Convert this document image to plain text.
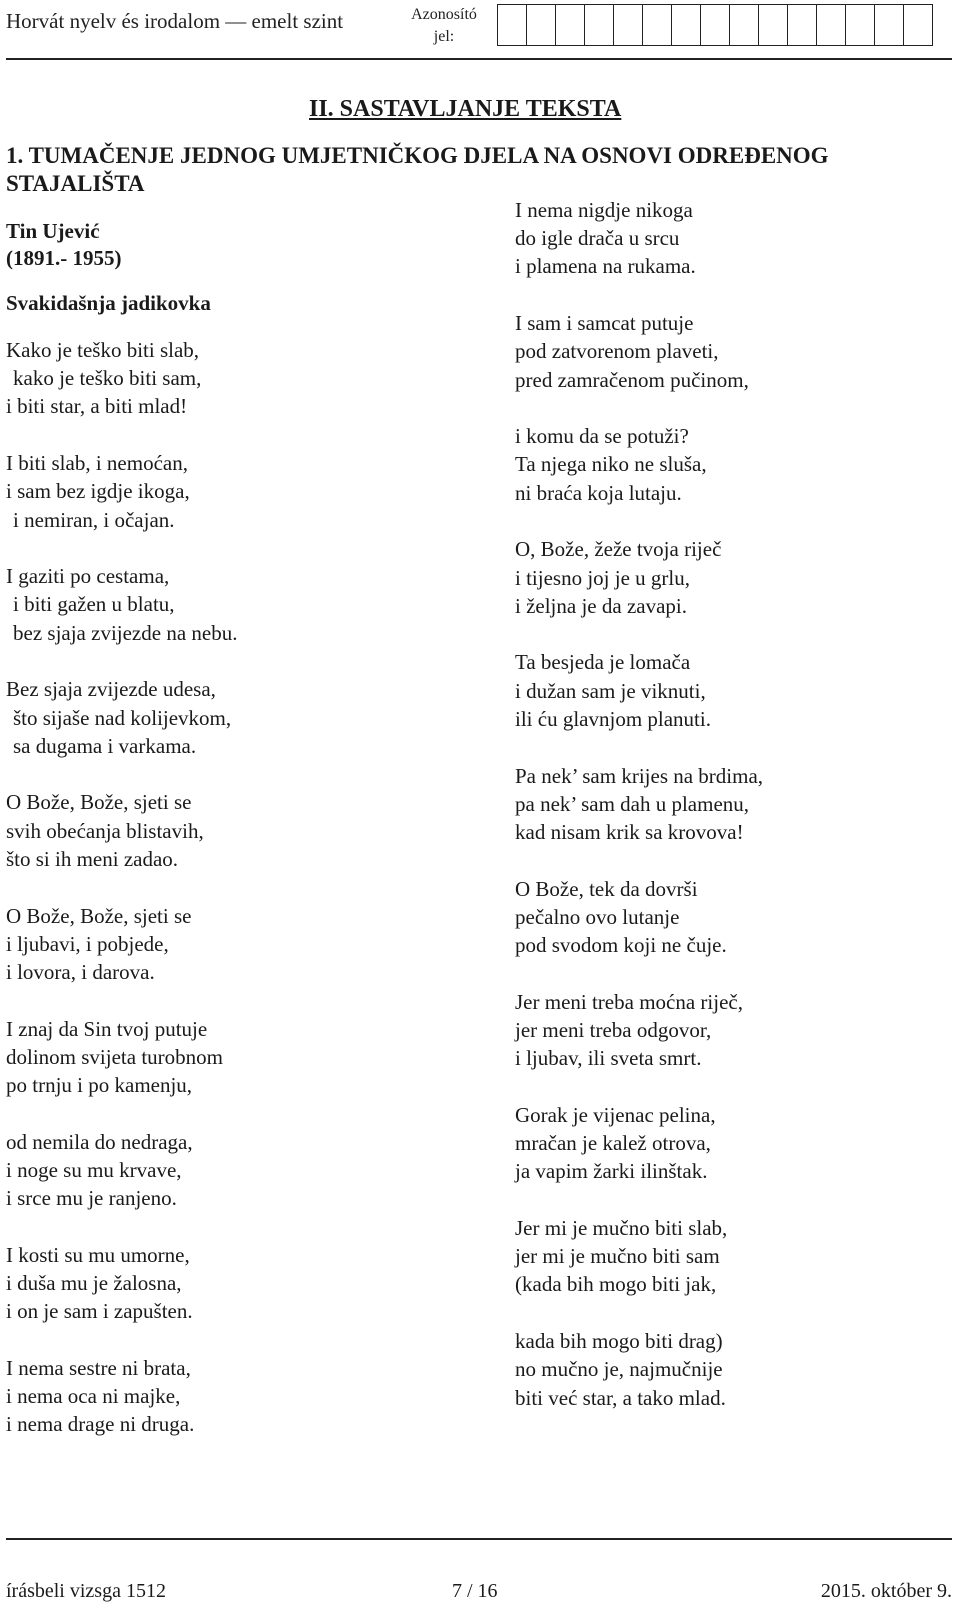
Horvát nyelv és irodalom — emelt szint	Azonosító jel:
II. SASTAVLJANJE TEKSTA
1. TUMAČENJE JEDNOG UMJETNIČKOG DJELA NA OSNOVI ODREĐENOG STAJALIŠTA
Tin Ujević
(1891.- 1955)
Svakidašnja jadikovka
Kako je teško biti slab,
kako je teško biti sam,
i biti star, a biti mlad!
I biti slab, i nemoćan,
i sam bez igdje ikoga,
i nemiran, i očajan.
I gaziti po cestama,
i biti gažen u blatu,
bez sjaja zvijezde na nebu.
Bez sjaja zvijezde udesa,
što sijaše nad kolijevkom,
sa dugama i varkama.
O Bože, Bože, sjeti se
svih obećanja blistavih,
što si ih meni zadao.
O Bože, Bože, sjeti se
i ljubavi, i pobjede,
i lovora, i darova.
I znaj da Sin tvoj putuje
dolinom svijeta turobnom
po trnju i po kamenju,
od nemila do nedraga,
i noge su mu krvave,
i srce mu je ranjeno.
I kosti su mu umorne,
i duša mu je žalosna,
i on je sam i zapušten.
I nema sestre ni brata,
i nema oca ni majke,
i nema drage ni druga.
I nema nigdje nikoga
do igle drača u srcu
i plamena na rukama.
I sam i samcat putuje
pod zatvorenom plaveti,
pred zamračenom pučinom,
i komu da se potuži?
Ta njega niko ne sluša,
ni braća koja lutaju.
O, Bože, žeže tvoja riječ
i tijesno joj je u grlu,
i željna je da zavapi.
Ta besjeda je lomača
i dužan sam je viknuti,
ili ću glavnjom planuti.
Pa nek’ sam krijes na brdima,
pa nek’ sam dah u plamenu,
kad nisam krik sa krovova!
O Bože, tek da dovrši
pečalno ovo lutanje
pod svodom koji ne čuje.
Jer meni treba moćna riječ,
jer meni treba odgovor,
i ljubav, ili sveta smrt.
Gorak je vijenac pelina,
mračan je kalež otrova,
ja vapim žarki ilinštak.
Jer mi je mučno biti slab,
jer mi je mučno biti sam
(kada bih mogo biti jak,
kada bih mogo biti drag)
no mučno je, najmučnije
biti već star, a tako mlad.
írásbeli vizsga 1512	7 / 16	2015. október 9.
